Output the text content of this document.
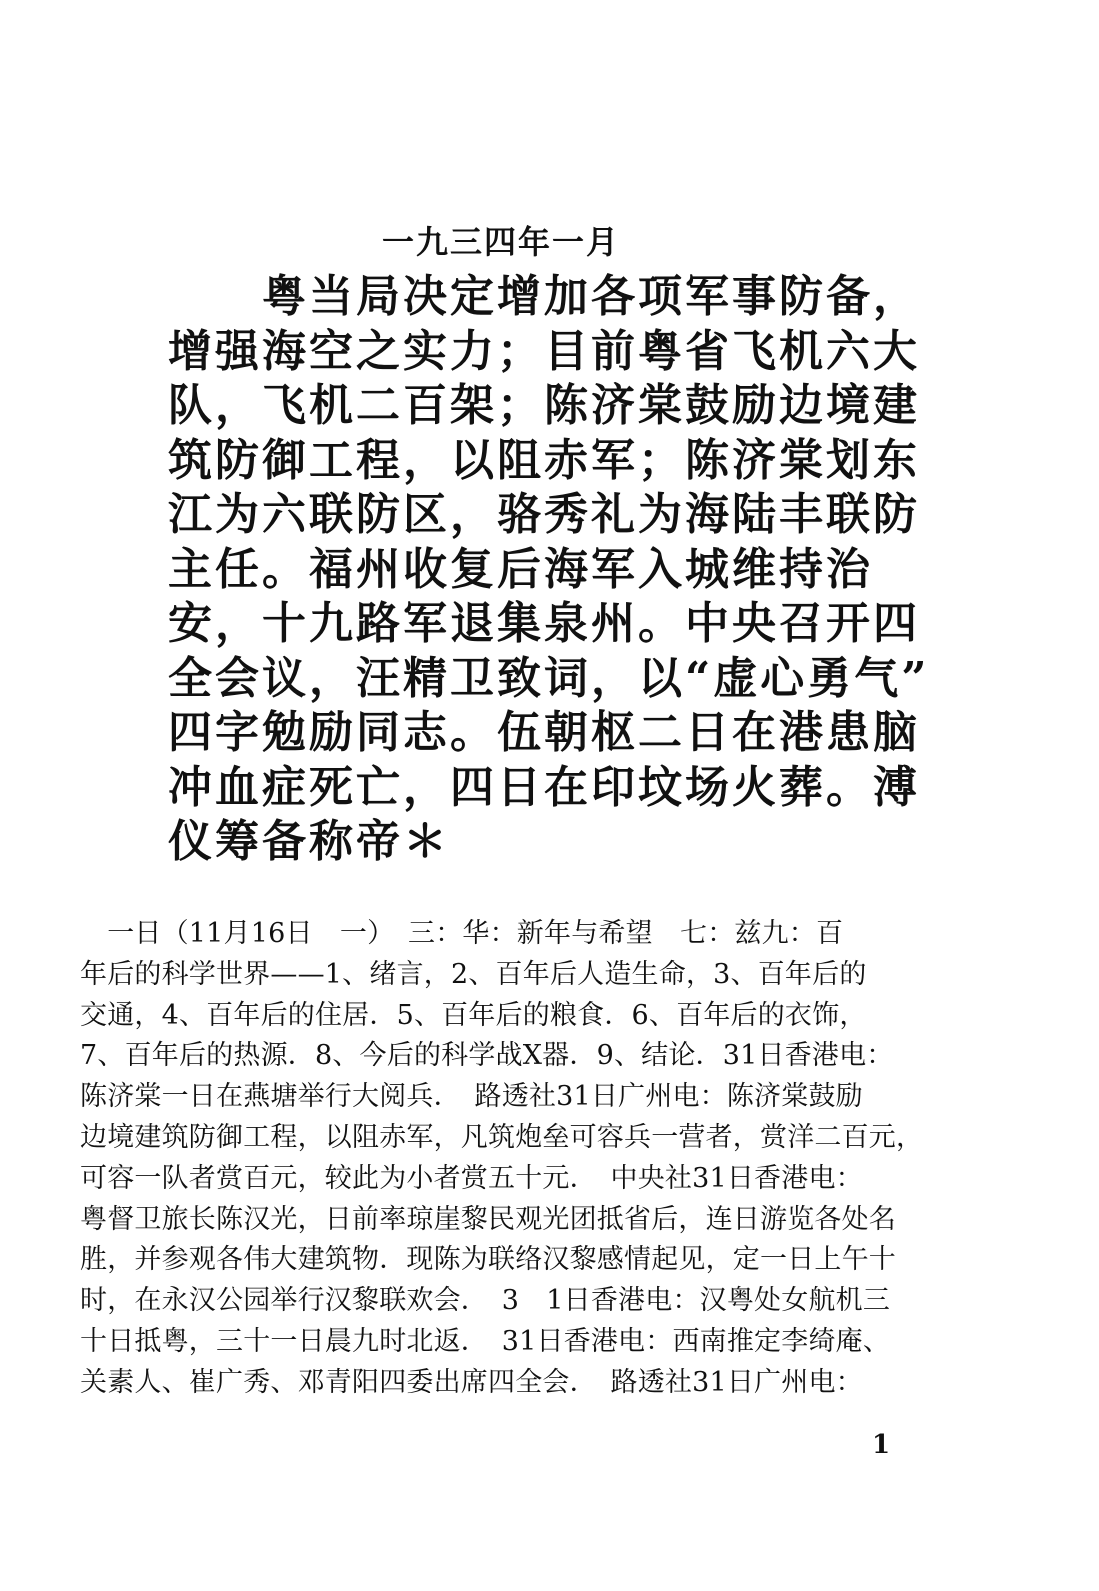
一九三四年一月
　　粤当局决定增加各项军事防备，
增强海空之实力；目前粤省飞机六大
队，飞机二百架；陈济棠鼓励边境建
筑防御工程，以阻赤军；陈济棠划东
江为六联防区，骆秀礼为海陆丰联防
主任。福州收复后海军入城维持治
安，十九路军退集泉州。中央召开四
全会议，汪精卫致词，以“虚心勇气”
四字勉励同志。伍朝枢二日在港患脑
冲血症死亡，四日在印坟场火葬。溥
仪筹备称帝＊
　一日（11月16日　一）　三：华：新年与希望　七：兹九：百
年后的科学世界——1、绪言，2、百年后人造生命，3、百年后的
交通，4、百年后的住居．5、百年后的粮食．6、百年后的衣饰，
7、百年后的热源．8、今后的科学战X器．9、结论．31日香港电：
陈济棠一日在燕塘举行大阅兵．　路透社31日广州电：陈济棠鼓励
边境建筑防御工程，以阻赤军，凡筑炮垒可容兵一营者，赏洋二百元，
可容一队者赏百元，较此为小者赏五十元．　中央社31日香港电：
粤督卫旅长陈汉光，日前率琼崖黎民观光团抵省后，连日游览各处名
胜，并参观各伟大建筑物．现陈为联络汉黎感情起见，定一日上午十
时，在永汉公园举行汉黎联欢会．　3　1日香港电：汉粤处女航机三
十日抵粤，三十一日晨九时北返．　31日香港电：西南推定李绮庵、
关素人、崔广秀、邓青阳四委出席四全会．　路透社31日广州电：
1
